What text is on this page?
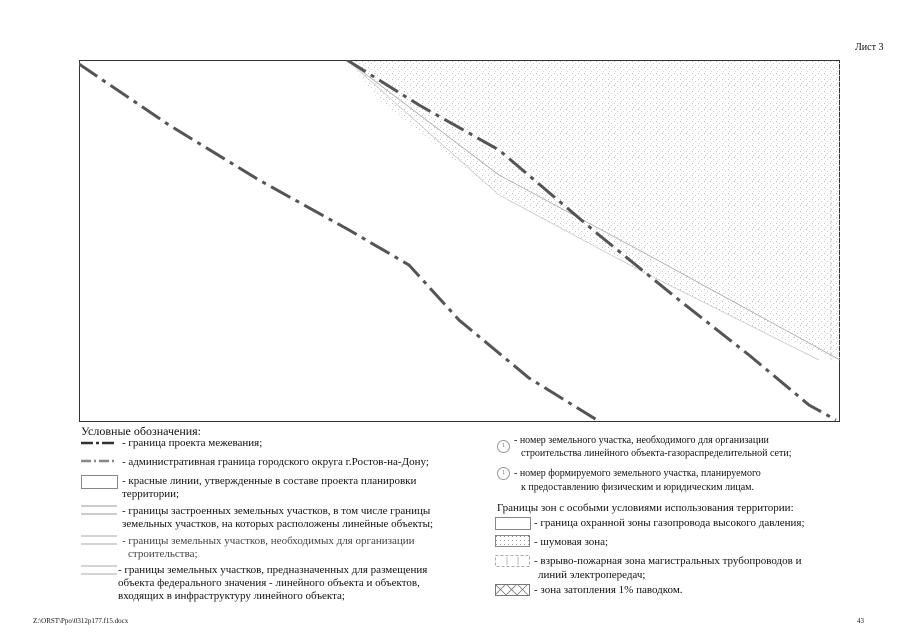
Лист 3
Условные обозначения:
- граница проекта межевания;
- административная граница городского округа г.Ростов-на-Дону;
- красные линии, утвержденные в составе проекта планировки
территории;
- границы застроенных земельных участков, в том числе границы
земельных участков, на которых расположены линейные объекты;
- границы земельных участков, необходимых для организации
строительства;
- границы земельных участков, предназначенных для размещения
объекта федерального значения - линейного объекта и объектов,
входящих в инфраструктуру линейного объекта;
1 - номер земельного участка, необходимого для организации
строительства линейного объекта-газораспределительной сети;
1 - номер формируемого земельного участка, планируемого
к предоставлению физическим и юридическим лицам.
Границы зон с особыми условиями использования территории:
- граница охранной зоны газопровода высокого давления;
- шумовая зона;
- взрыво-пожарная зона магистральных трубопроводов и
линий электропередач;
- зона затопления 1% паводком.
Z:\ORST\Ppo\0312p177.f15.docx	43
